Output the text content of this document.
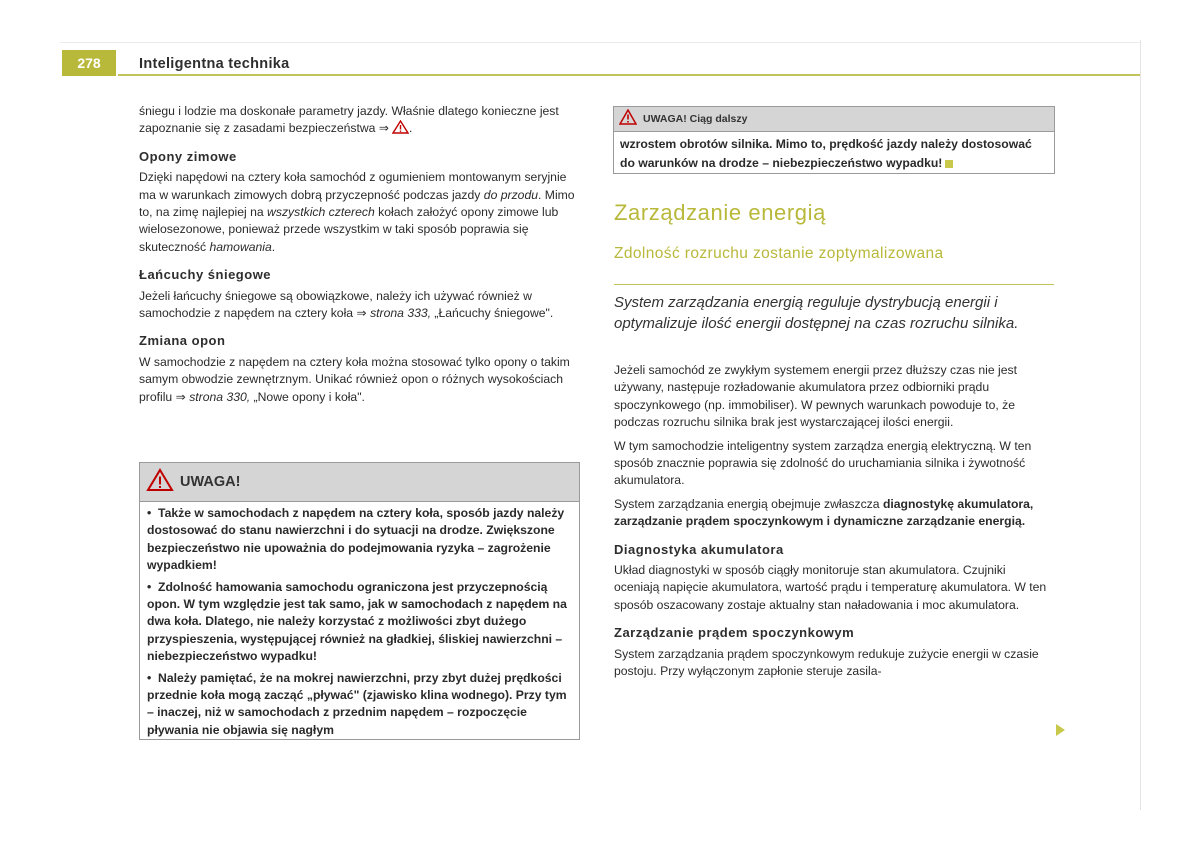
278	Inteligentna technika

śniegu i lodzie ma doskonałe parametry jazdy. Właśnie dlatego konieczne jest zapoznanie się z zasadami bezpieczeństwa ⇒ .

Opony zimowe

Dzięki napędowi na cztery koła samochód z ogumieniem montowanym seryjnie ma w warunkach zimowych dobrą przyczepność podczas jazdy do przodu. Mimo to, na zimę najlepiej na wszystkich czterech kołach założyć opony zimowe lub wielosezonowe, ponieważ przede wszystkim w taki sposób poprawia się skuteczność hamowania.

Łańcuchy śniegowe

Jeżeli łańcuchy śniegowe są obowiązkowe, należy ich używać również w samochodzie z napędem na cztery koła ⇒ strona 333, „Łańcuchy śniegowe".

Zmiana opon

W samochodzie z napędem na cztery koła można stosować tylko opony o takim samym obwodzie zewnętrznym. Unikać również opon o różnych wysokościach profilu ⇒ strona 330, „Nowe opony i koła".

UWAGA!

•  Także w samochodach z napędem na cztery koła, sposób jazdy należy dostosować do stanu nawierzchni i do sytuacji na drodze. Zwiększone bezpieczeństwo nie upoważnia do podejmowania ryzyka – zagrożenie wypadkiem!

•  Zdolność hamowania samochodu ograniczona jest przyczepnością opon. W tym względzie jest tak samo, jak w samochodach z napędem na dwa koła. Dlatego, nie należy korzystać z możliwości zbyt dużego przyspieszenia, występującej również na gładkiej, śliskiej nawierzchni – niebezpieczeństwo wypadku!

•  Należy pamiętać, że na mokrej nawierzchni, przy zbyt dużej prędkości przednie koła mogą zacząć „pływać" (zjawisko klina wodnego). Przy tym – inaczej, niż w samochodach z przednim napędem – rozpoczęcie pływania nie objawia się nagłym

UWAGA! Ciąg dalszy
wzrostem obrotów silnika. Mimo to, prędkość jazdy należy dostosować do warunków na drodze – niebezpieczeństwo wypadku!
Zarządzanie energią
Zdolność rozruchu zostanie zoptymalizowana
System zarządzania energią reguluje dystrybucją energii i optymalizuje ilość energii dostępnej na czas rozruchu silnika.

Jeżeli samochód ze zwykłym systemem energii przez dłuższy czas nie jest używany, następuje rozładowanie akumulatora przez odbiorniki prądu spoczynkowego (np. immobiliser). W pewnych warunkach powoduje to, że podczas rozruchu silnika brak jest wystarczającej ilości energii.

W tym samochodzie inteligentny system zarządza energią elektryczną. W ten sposób znacznie poprawia się zdolność do uruchamiania silnika i żywotność akumulatora.

System zarządzania energią obejmuje zwłaszcza diagnostykę akumulatora, zarządzanie prądem spoczynkowym i dynamiczne zarządzanie energią.

Diagnostyka akumulatora

Układ diagnostyki w sposób ciągły monitoruje stan akumulatora. Czujniki oceniają napięcie akumulatora, wartość prądu i temperaturę akumulatora. W ten sposób oszacowany zostaje aktualny stan naładowania i moc akumulatora.

Zarządzanie prądem spoczynkowym

System zarządzania prądem spoczynkowym redukuje zużycie energii w czasie postoju. Przy wyłączonym zapłonie steruje zasila-
